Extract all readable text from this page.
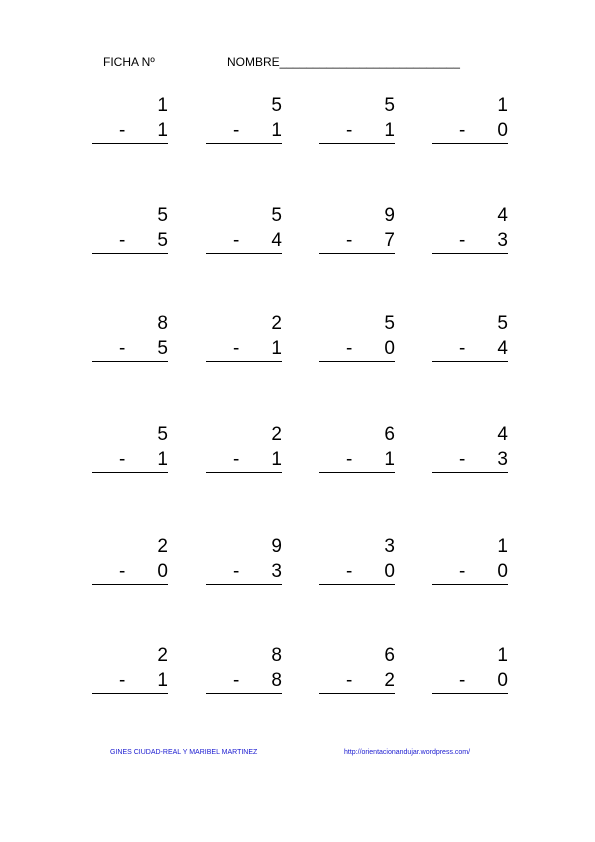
FICHA Nº	NOMBRE___________________________
1
- 1
5
- 1
5
- 1
1
- 0
5
- 5
5
- 4
9
- 7
4
- 3
8
- 5
2
- 1
5
- 0
5
- 4
5
- 1
2
- 1
6
- 1
4
- 3
2
- 0
9
- 3
3
- 0
1
- 0
2
- 1
8
- 8
6
- 2
1
- 0
GINES CIUDAD-REAL Y MARIBEL MARTINEZ	http://orientacionandujar.wordpress.com/
